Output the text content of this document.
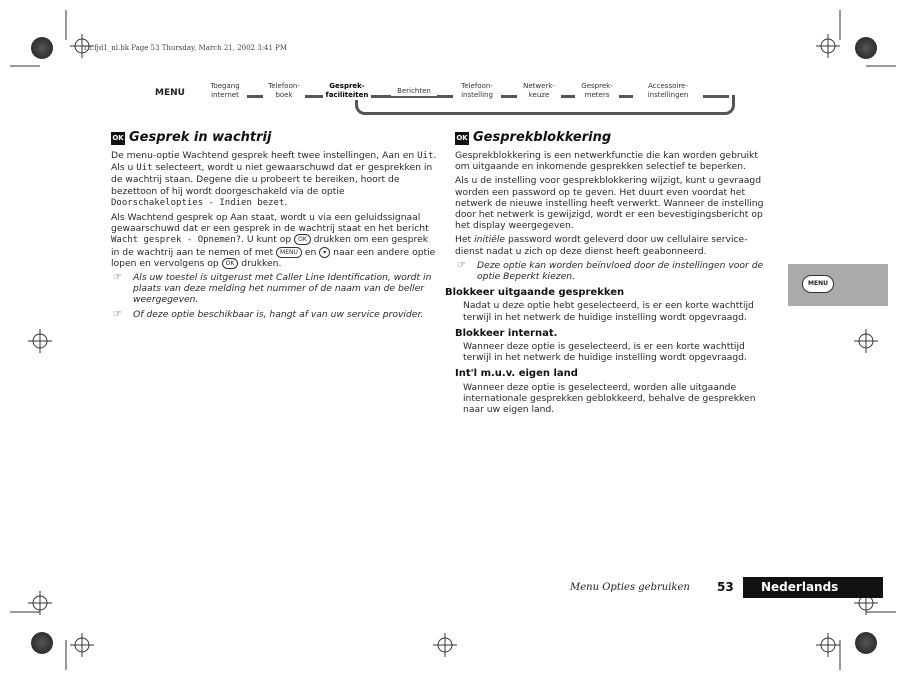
rn.fjd1_nl.bk Page 53 Thursday, March 21, 2002 3:41 PM
MENU
Toegang internet
Telefoon- boek
Gesprek- faciliteiten	Berichten
Telefoon- instelling
Netwerk- keuze
Gesprek- meters
Accessoire- instellingen
OK Gesprek in wachtrij

De menu-optie Wachtend gesprek heeft twee instellingen, Aan en Uit. Als u Uit selecteert, wordt u niet gewaarschuwd dat er gesprekken in de wachtrij staan. Degene die u probeert te bereiken, hoort de bezettoon of hij wordt doorgeschakeld via de optie Doorschakelopties - Indien bezet.

Als Wachtend gesprek op Aan staat, wordt u via een geluidssignaal gewaarschuwd dat er een gesprek in de wachtrij staat en het bericht Wacht gesprek - Opnemen?. U kunt op OK drukken om een gesprek in de wachtrij aan te nemen of met MENU en ▾ naar een andere optie lopen en vervolgens op OK drukken.

☞ Als uw toestel is uitgerust met Caller Line Identification, wordt in plaats van deze melding het nummer of de naam van de beller weergegeven.

☞ Of deze optie beschikbaar is, hangt af van uw service provider.

OK Gesprekblokkering

Gesprekblokkering is een netwerkfunctie die kan worden gebruikt om uitgaande en inkomende gesprekken selectief te beperken.

Als u de instelling voor gesprekblokkering wijzigt, kunt u gevraagd worden een password op te geven. Het duurt even voordat het netwerk de nieuwe instelling heeft verwerkt. Wanneer de instelling door het netwerk is gewijzigd, wordt er een bevestigingsbericht op het display weergegeven.

Het initiële password wordt geleverd door uw cellulaire service-dienst nadat u zich op deze dienst heeft geabonneerd.

☞ Deze optie kan worden beïnvloed door de instellingen voor de optie Beperkt kiezen.

Blokkeer uitgaande gesprekken

Nadat u deze optie hebt geselecteerd, is er een korte wachttijd terwijl in het netwerk de huidige instelling wordt opgevraagd.

Blokkeer internat.

Wanneer deze optie is geselecteerd, is er een korte wachttijd terwijl in het netwerk de huidige instelling wordt opgevraagd.

Int'l m.u.v. eigen land

Wanneer deze optie is geselecteerd, worden alle uitgaande internationale gesprekken geblokkeerd, behalve de gesprekken naar uw eigen land.

MENU
Menu Opties gebruiken 53	Nederlands
